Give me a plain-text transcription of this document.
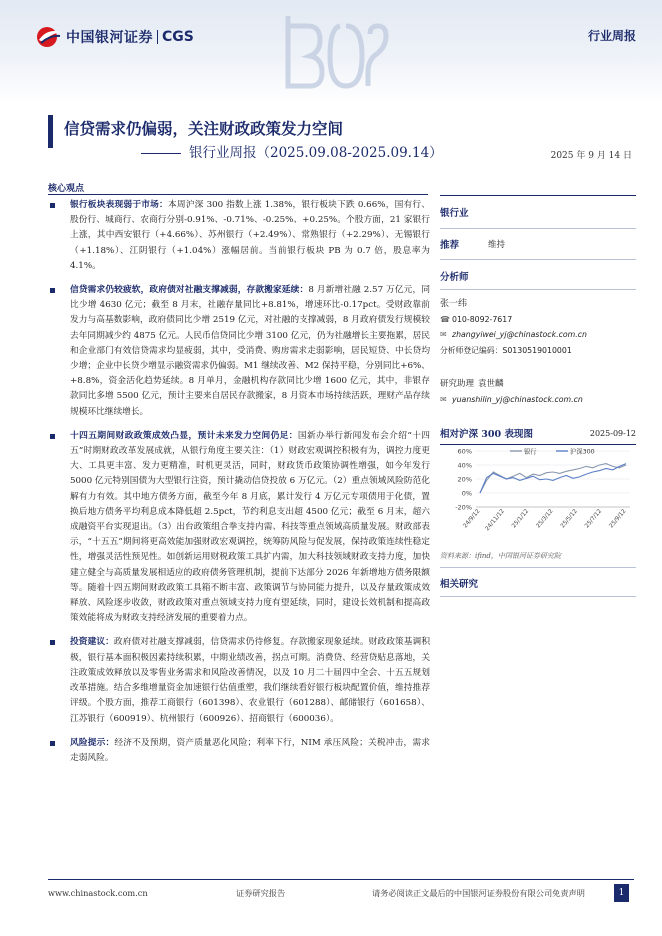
中国银河证券 CGS	行业周报
信贷需求仍偏弱，关注财政政策发力空间
银行业周报（2025.09.08-2025.09.14）	2025 年 9 月 14 日
核心观点
银行板块表现弱于市场：本周沪深 300 指数上涨 1.38%，银行板块下跌 0.66%，国有行、股份行、城商行、农商行分别-0.91%、-0.71%、-0.25%、+0.25%。个股方面，21 家银行上涨，其中西安银行（+4.66%）、苏州银行（+2.49%）、常熟银行（+2.29%）、无锡银行（+1.18%）、江阴银行（+1.04%）涨幅居前。当前银行板块 PB 为 0.7 倍，股息率为 4.1%。
信贷需求仍较疲软，政府债对社融支撑减弱，存款搬家延续：8 月新增社融 2.57 万亿元，同比少增 4630 亿元；截至 8 月末，社融存量同比+8.81%，增速环比-0.17pct。受财政靠前发力与高基数影响，政府债同比少增 2519 亿元，对社融的支撑减弱，8 月政府债发行规模较去年同期减少约 4875 亿元。人民币信贷同比少增 3100 亿元，仍为社融增长主要拖累，居民和企业部门有效信贷需求均显疲弱，其中，受消费、购房需求走弱影响，居民短贷、中长贷均少增；企业中长贷少增显示融资需求仍偏弱。M1 继续改善、M2 保持平稳，分别同比+6%、+8.8%，资金活化趋势延续。8 月单月，金融机构存款同比少增 1600 亿元，其中，非银存款同比多增 5500 亿元，预计主要来自居民存款搬家，8 月资本市场持续活跃，理财产品存续规模环比继续增长。
十四五期间财政政策成效凸显，预计未来发力空间仍足：国新办举行新闻发布会介绍“十四五”时期财政改革发展成就，从银行角度主要关注：（1）财政宏观调控积极有为，调控力度更大、工具更丰富、发力更精准，时机更灵活，同时，财政货币政策协调性增强，如今年发行 5000 亿元特别国债为大型银行注资，预计撬动信贷投放 6 万亿元。（2）重点领域风险防范化解有力有效。其中地方债务方面，截至今年 8 月底，累计发行 4 万亿元专项债用于化债，置换后地方债务平均利息成本降低超 2.5pct，节约利息支出超 4500 亿元；截至 6 月末，超六成融资平台实现退出。（3）出台政策组合拳支持内需、科技等重点领域高质量发展。财政部表示，“十五五”期间将更高效能加强财政宏观调控，统筹防风险与促发展，保持政策连续性稳定性，增强灵活性预见性。如创新运用财税政策工具扩内需，加大科技领域财政支持力度，加快建立健全与高质量发展相适应的政府债务管理机制，提前下达部分 2026 年新增地方债务限额等。随着十四五期间财政政策工具箱不断丰富、政策调节与协同能力提升，以及存量政策成效释放、风险逐步收敛，财政政策对重点领域支持力度有望延续，同时，建设长效机制和提高政策效能将成为财政支持经济发展的重要着力点。
投资建议：政府债对社融支撑减弱，信贷需求仍待修复。存款搬家现象延续。财政政策基调积极，银行基本面积极因素持续积累，中期业绩改善，拐点可期。消费贷、经营贷贴息落地，关注政策成效释放以及零售业务需求和风险改善情况，以及 10 月二十届四中全会、十五五规划改革措施。结合多维增量资金加速银行估值重塑，我们继续看好银行板块配置价值，维持推荐评级。个股方面，推荐工商银行（601398）、农业银行（601288）、邮储银行（601658）、江苏银行（600919）、杭州银行（600926）、招商银行（600036）。
风险提示：经济不及预期，资产质量恶化风险；利率下行，NIM 承压风险；关税冲击，需求走弱风险。
银行业
推荐	维持
分析师
张一纬
☎ 010-8092-7617
✉ zhangyiwei_yj@chinastock.com.cn
分析师登记编码：S0130519010001
研究助理 袁世麟
✉ yuanshilin_yj@chinastock.com.cn
相对沪深 300 表现图	2025-09-12
60%
40%
20%
0%
-20%
24/9/12 24/11/12 25/1/12 25/3/12 25/5/12 25/7/12 25/9/12
银行	沪深300
资料来源：ifind，中国银河证券研究院
相关研究
www.chinastock.com.cn	证券研究报告	请务必阅读正文最后的中国银河证券股份有限公司免责声明	1
